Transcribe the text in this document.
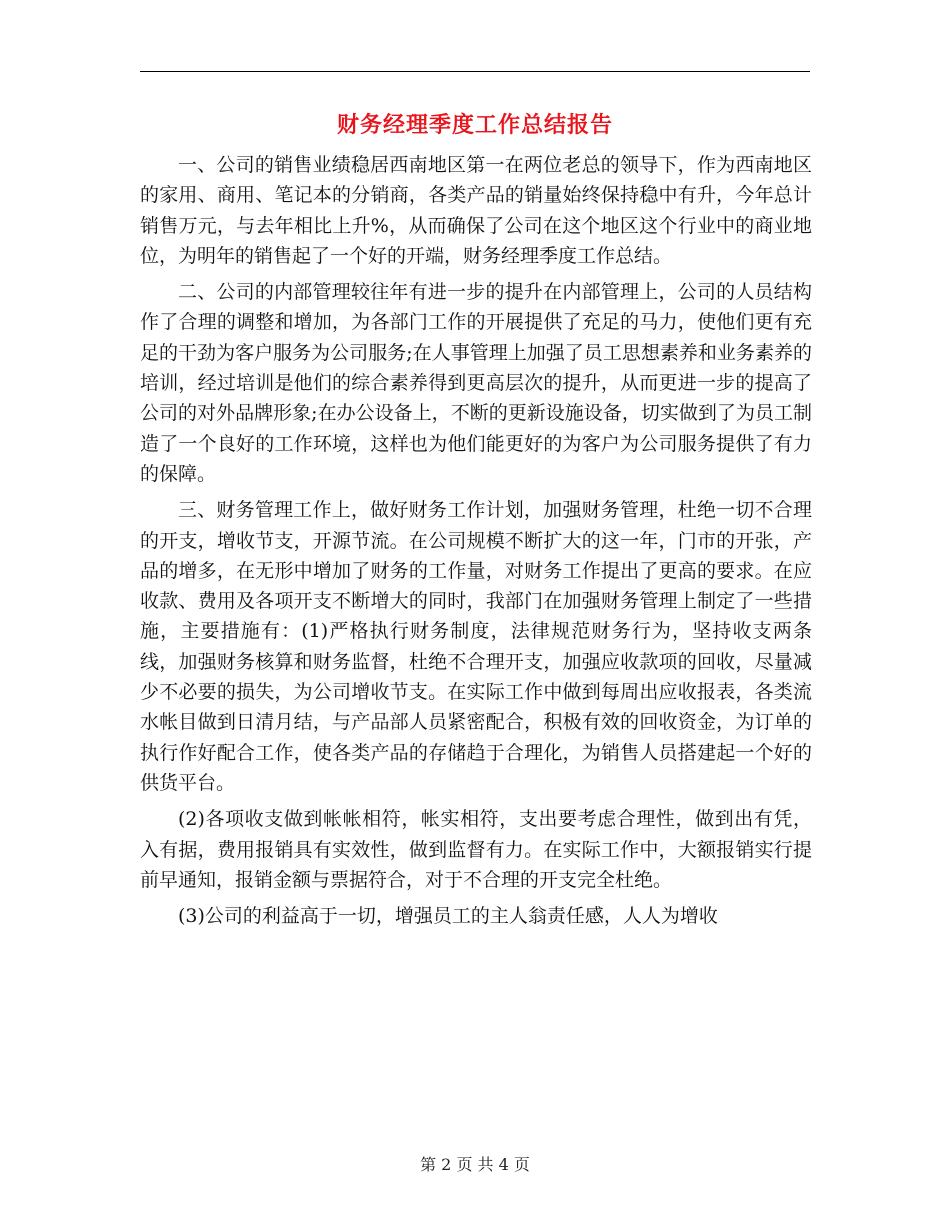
财务经理季度工作总结报告

一、公司的销售业绩稳居西南地区第一在两位老总的领导下，作为西南地区的家用、商用、笔记本的分销商，各类产品的销量始终保持稳中有升，今年总计销售万元，与去年相比上升%，从而确保了公司在这个地区这个行业中的商业地位，为明年的销售起了一个好的开端，财务经理季度工作总结。

二、公司的内部管理较往年有进一步的提升在内部管理上，公司的人员结构作了合理的调整和增加，为各部门工作的开展提供了充足的马力，使他们更有充足的干劲为客户服务为公司服务;在人事管理上加强了员工思想素养和业务素养的培训，经过培训是他们的综合素养得到更高层次的提升，从而更进一步的提高了公司的对外品牌形象;在办公设备上，不断的更新设施设备，切实做到了为员工制造了一个良好的工作环境，这样也为他们能更好的为客户为公司服务提供了有力的保障。

三、财务管理工作上，做好财务工作计划，加强财务管理，杜绝一切不合理的开支，增收节支，开源节流。在公司规模不断扩大的这一年，门市的开张，产品的增多，在无形中增加了财务的工作量，对财务工作提出了更高的要求。在应收款、费用及各项开支不断增大的同时，我部门在加强财务管理上制定了一些措施，主要措施有：(1)严格执行财务制度，法律规范财务行为，坚持收支两条线，加强财务核算和财务监督，杜绝不合理开支，加强应收款项的回收，尽量减少不必要的损失，为公司增收节支。在实际工作中做到每周出应收报表，各类流水帐目做到日清月结，与产品部人员紧密配合，积极有效的回收资金，为订单的执行作好配合工作，使各类产品的存储趋于合理化，为销售人员搭建起一个好的供货平台。

(2)各项收支做到帐帐相符，帐实相符，支出要考虑合理性，做到出有凭，入有据，费用报销具有实效性，做到监督有力。在实际工作中，大额报销实行提前早通知，报销金额与票据符合，对于不合理的开支完全杜绝。

(3)公司的利益高于一切，增强员工的主人翁责任感，人人为增收

第 2 页 共 4 页
